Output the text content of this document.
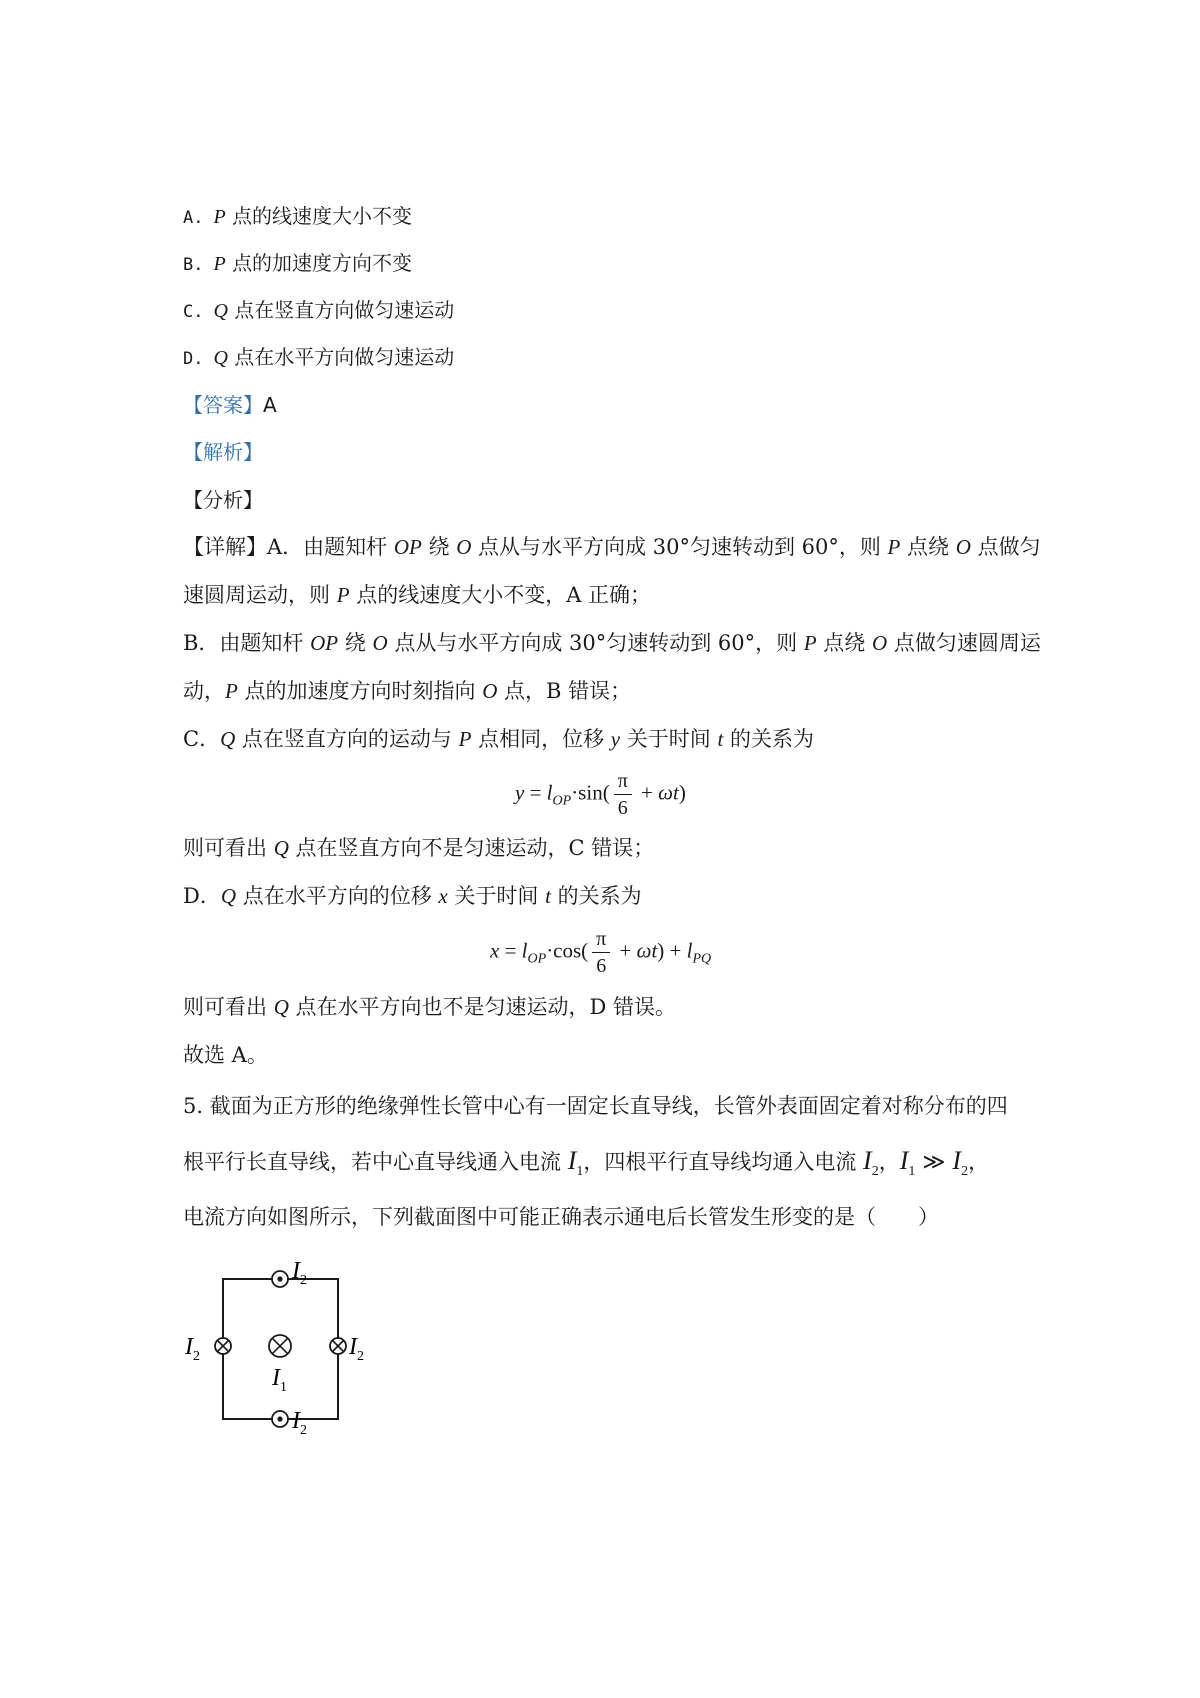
A. P 点的线速度大小不变
B. P 点的加速度方向不变
C. Q 点在竖直方向做匀速运动
D. Q 点在水平方向做匀速运动
【答案】A
【解析】
【分析】
【详解】A．由题知杆 OP 绕 O 点从与水平方向成 30°匀速转动到 60°，则 P 点绕 O 点做匀
速圆周运动，则 P 点的线速度大小不变，A 正确；
B．由题知杆 OP 绕 O 点从与水平方向成 30°匀速转动到 60°，则 P 点绕 O 点做匀速圆周运
动，P 点的加速度方向时刻指向 O 点，B 错误；
C．Q 点在竖直方向的运动与 P 点相同，位移 y 关于时间 t 的关系为
$y = l_{OP}\cdot\sin( \frac{\pi}{6} + \omega t)$
则可看出 Q 点在竖直方向不是匀速运动，C 错误；
D．Q 点在水平方向的位移 x 关于时间 t 的关系为
$x = l_{OP}\cdot\cos( \frac{\pi}{6} + \omega t) + l_{PQ}$
则可看出 Q 点在水平方向也不是匀速运动，D 错误。
故选 A。
5. 截面为正方形的绝缘弹性长管中心有一固定长直导线，长管外表面固定着对称分布的四
根平行长直导线，若中心直导线通入电流 $I_1$，四根平行直导线均通入电流 $I_2$，$I_1$ ≫ $I_2$，
电流方向如图所示，下列截面图中可能正确表示通电后长管发生形变的是（　　）
$I_2$
$I_2$
$I_2$	$I_2$
$I_1$
